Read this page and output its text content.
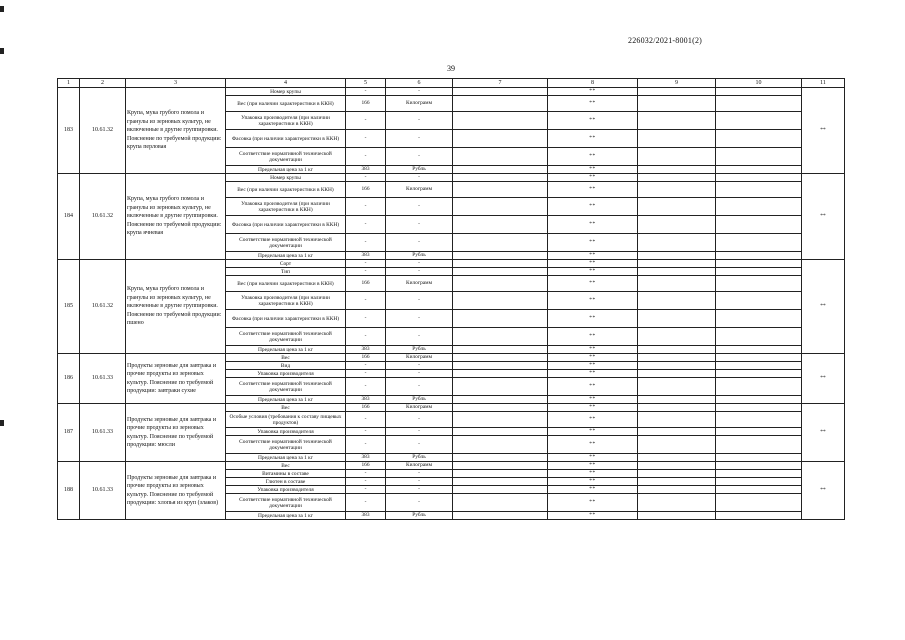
226032/2021-8001(2)
39
1	2	3	4	5	6	7	8	9	10	11
183	10.61.32	Крупа, мука грубого помола и гранулы из зерновых культур, не включенные в другие группировки. Пояснение по требуемой продукции: крупа перловая	Номер крупы	-	-		**			**
			Вес (при наличии характеристики в ККН)	166	Килограмм		**			
			Упаковка производителя (при наличии характеристики в ККН)	-	-		**			
			Фасовка (при наличии характеристики в ККН)	-	-		**			
			Соответствие нормативной технической документации	-	-		**			
			Предельная цена за 1 кг	383	Рубль		**			
184	10.61.32	Крупа, мука грубого помола и гранулы из зерновых культур, не включенные в другие группировки. Пояснение по требуемой продукции: крупа ячневая	Номер крупы	-	-		**			**
			Вес (при наличии характеристики в ККН)	166	Килограмм		**			
			Упаковка производителя (при наличии характеристики в ККН)	-	-		**			
			Фасовка (при наличии характеристики в ККН)	-	-		**			
			Соответствие нормативной технической документации	-	-		**			
			Предельная цена за 1 кг	383	Рубль		**			
185	10.61.32	Крупа, мука грубого помола и гранулы из зерновых культур, не включенные в другие группировки. Пояснение по требуемой продукции: пшено	Сорт	-	-		**			**
			Тип	-	-		**			
			Вес (при наличии характеристики в ККН)	166	Килограмм		**			
			Упаковка производителя (при наличии характеристики в ККН)	-	-		**			
			Фасовка (при наличии характеристики в ККН)	-	-		**			
			Соответствие нормативной технической документации	-	-		**			
			Предельная цена за 1 кг	383	Рубль		**			
186	10.61.33	Продукты зерновые для завтрака и прочие продукты из зерновых культур. Пояснение по требуемой продукции: завтраки сухие	Вес	166	Килограмм		**			**
			Вид	-	-		**			
			Упаковка производителя	-	-		**			
			Соответствие нормативной технической документации	-	-		**			
			Предельная цена за 1 кг	383	Рубль		**			
187	10.61.33	Продукты зерновые для завтрака и прочие продукты из зерновых культур. Пояснение по требуемой продукции: мюсли	Вес	166	Килограмм		**			**
			Особые условия (требования к составу пищевых продуктов)	-	-		**			
			Упаковка производителя	-	-		**			
			Соответствие нормативной технической документации	-	-		**			
			Предельная цена за 1 кг	383	Рубль		**			
188	10.61.33	Продукты зерновые для завтрака и прочие продукты из зерновых культур. Пояснение по требуемой продукции: хлопья из круп (злаков)	Вес	166	Килограмм		**			**
			Витамины в составе	-	-		**			
			Глютен в составе	-	-		**			
			Упаковка производителя	-	-		**			
			Соответствие нормативной технической документации	-	-		**			
			Предельная цена за 1 кг	383	Рубль		**			
